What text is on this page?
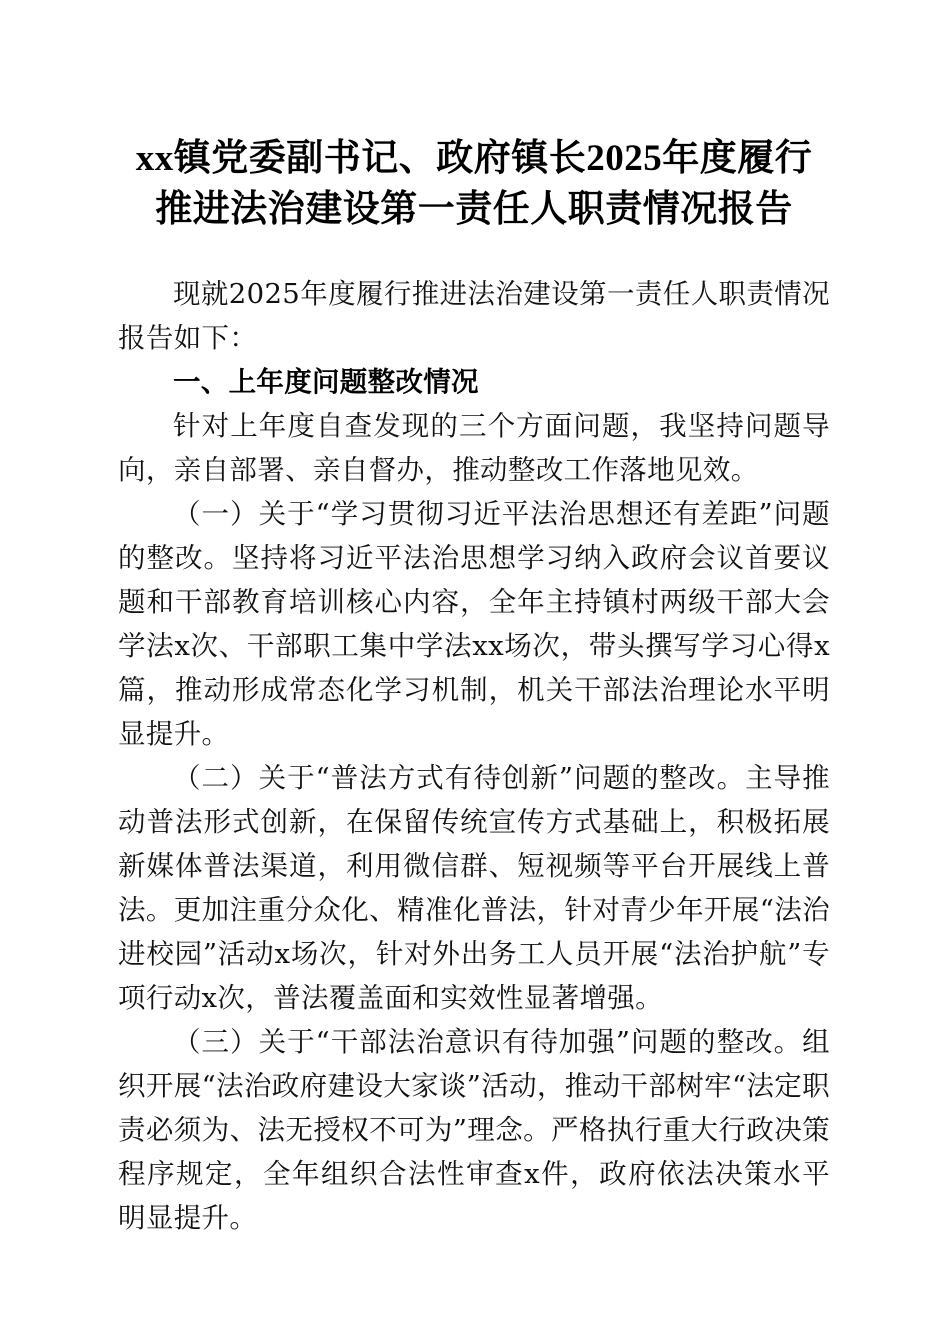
xx镇党委副书记、政府镇长2025年度履行推进法治建设第一责任人职责情况报告

现就2025年度履行推进法治建设第一责任人职责情况报告如下：

一、上年度问题整改情况

针对上年度自查发现的三个方面问题，我坚持问题导向，亲自部署、亲自督办，推动整改工作落地见效。

（一）关于“学习贯彻习近平法治思想还有差距”问题的整改。坚持将习近平法治思想学习纳入政府会议首要议题和干部教育培训核心内容，全年主持镇村两级干部大会学法x次、干部职工集中学法xx场次，带头撰写学习心得x篇，推动形成常态化学习机制，机关干部法治理论水平明显提升。

（二）关于“普法方式有待创新”问题的整改。主导推动普法形式创新，在保留传统宣传方式基础上，积极拓展新媒体普法渠道，利用微信群、短视频等平台开展线上普法。更加注重分众化、精准化普法，针对青少年开展“法治进校园”活动x场次，针对外出务工人员开展“法治护航”专项行动x次，普法覆盖面和实效性显著增强。

（三）关于“干部法治意识有待加强”问题的整改。组织开展“法治政府建设大家谈”活动，推动干部树牢“法定职责必须为、法无授权不可为”理念。严格执行重大行政决策程序规定，全年组织合法性审查x件，政府依法决策水平明显提升。
